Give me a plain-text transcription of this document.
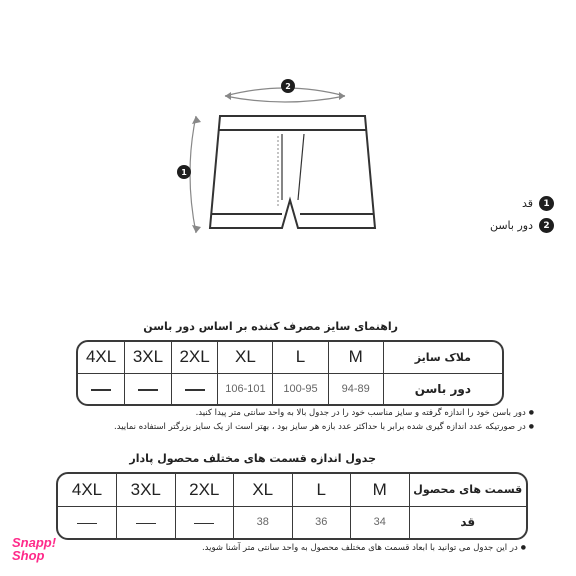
2
1
1
قد
2
دور باسن
راهنمای سایز مصرف کننده بر اساس دور باسن
4XL	3XL	2XL	XL	L	M	ملاک سایز
			106-101	100-95	94-89	دور باسن
● دور باسن خود را اندازه گرفته و سایز مناسب خود را در جدول بالا به واحد سانتی متر پیدا کنید.
● در صورتیکه عدد اندازه گیری شده برابر با حداکثر عدد بازه هر سایز بود ، بهتر است از یک سایز بزرگتر استفاده نمایید.
جدول اندازه قسمت های مختلف محصول پادار
4XL	3XL	2XL	XL	L	M	قسمت های محصول
			38	36	34	قد
● در این جدول می توانید با ابعاد قسمت های مختلف محصول به واحد سانتی متر آشنا شوید.
Snapp!
Shop
